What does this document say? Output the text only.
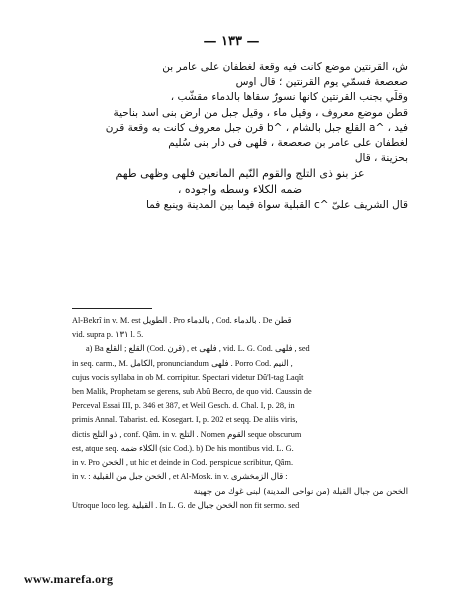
— ١٣٣ —
ش، القرنتين موضع كانت فيه وقعة لغطفان على عامر بن
صعصعة فسمّي يوم القرنتين ؛ قال اوس
وقلّي بجنب القرنتين كانها نسورٌ سقاها بالدماء مقشّب ،
قطن موضع معروف ، وقيل ماء ، وقيل جبل من ارض بنى اسد بناحية
فيد ، ^a القلع جبل بالشام ، ^b قرن جبل معروف كانت به وقعة قرن
لغطفان على عامر بن صعصعة ، فلهى فى دار بنى سُليم
بحزينة ، قال
عز بنو ذى التلج والقوم النّيم المانعين فلهى وظهى طهم
ضمه الكلاء وسطه واجوده ،
قال الشريف علىّ ^c القبلية سواة فيما بين المدينة وينبع فما
Al-Bekrî in v. M. est الطويل . Pro بالدماء , Cod. بالدماء . De قطن
vid. supra p. ١٣١ l. 5.
a) Ba القلع ; القلع (Cod. قرن) , et فلهى , vid. L. G. Cod. فلهى , sed
in seq. carm., M. الكامل, pronunciandum فلهى . Porro Cod. النيم ,
cujus vocis syllaba in ob M. corripitur. Spectari videtur Dû'l-tag Laqît
ben Malik, Prophetam se gerens, sub Abû Becro, de quo vid. Caussin de
Perceval Essai III, p. 346 et 387, et Weil Gesch. d. Chal. I, p. 28, in
primis Annal. Tabarist. ed. Kosegart. I, p. 202 et seqq. De aliis viris,
dictis ذو التلج , conf. Qâm. in v. التلج . Nomen القوم seque obscurum
est, atque seq. الكلاء ضمه (sic Cod.). b) De his montibus vid. L. G.
in v. Pro الخحن , ut hic et deinde in Cod. perspicue scribitur, Qâm.
in v. : الخحن جبل من القبلية , et Al-Mosk. in v. قال الزمخشرى :
الخحن من جبال القبلة (من نواحى المدينة) لبنى غوك من جهينة
Utroque loco leg. القبلية . In L. G. de الخحن جبال non fit sermo. sed
www.marefa.org
